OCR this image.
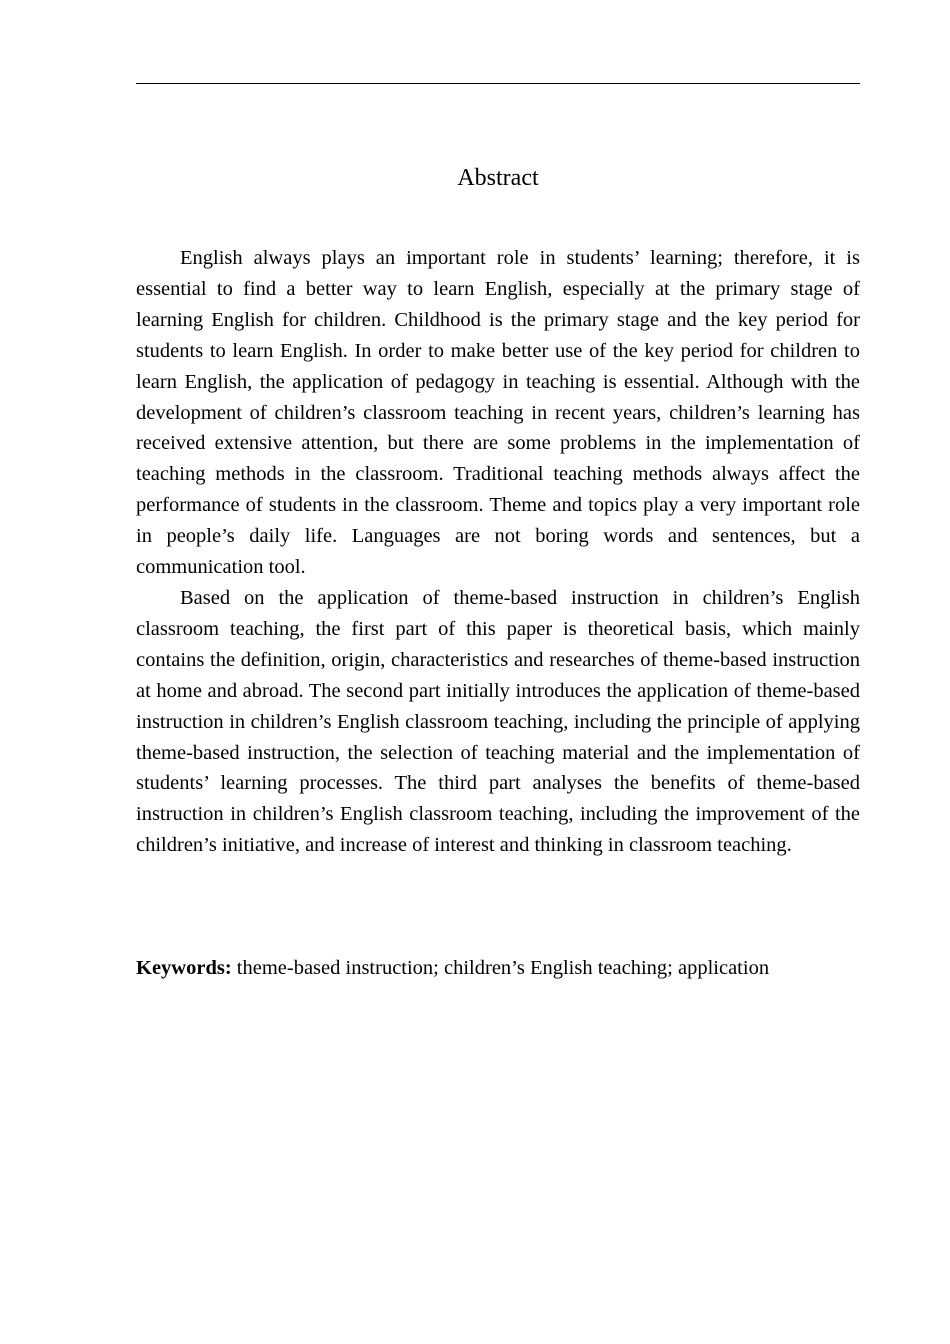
Abstract

English always plays an important role in students’ learning; therefore, it is essential to find a better way to learn English, especially at the primary stage of learning English for children. Childhood is the primary stage and the key period for students to learn English. In order to make better use of the key period for children to learn English, the application of pedagogy in teaching is essential. Although with the development of children’s classroom teaching in recent years, children’s learning has received extensive attention, but there are some problems in the implementation of teaching methods in the classroom. Traditional teaching methods always affect the performance of students in the classroom. Theme and topics play a very important role in people’s daily life. Languages are not boring words and sentences, but a communication tool.

Based on the application of theme-based instruction in children’s English classroom teaching, the first part of this paper is theoretical basis, which mainly contains the definition, origin, characteristics and researches of theme-based instruction at home and abroad. The second part initially introduces the application of theme-based instruction in children’s English classroom teaching, including the principle of applying theme-based instruction, the selection of teaching material and the implementation of students’ learning processes. The third part analyses the benefits of theme-based instruction in children’s English classroom teaching, including the improvement of the children’s initiative, and increase of interest and thinking in classroom teaching.

Keywords: theme-based instruction; children’s English teaching; application
